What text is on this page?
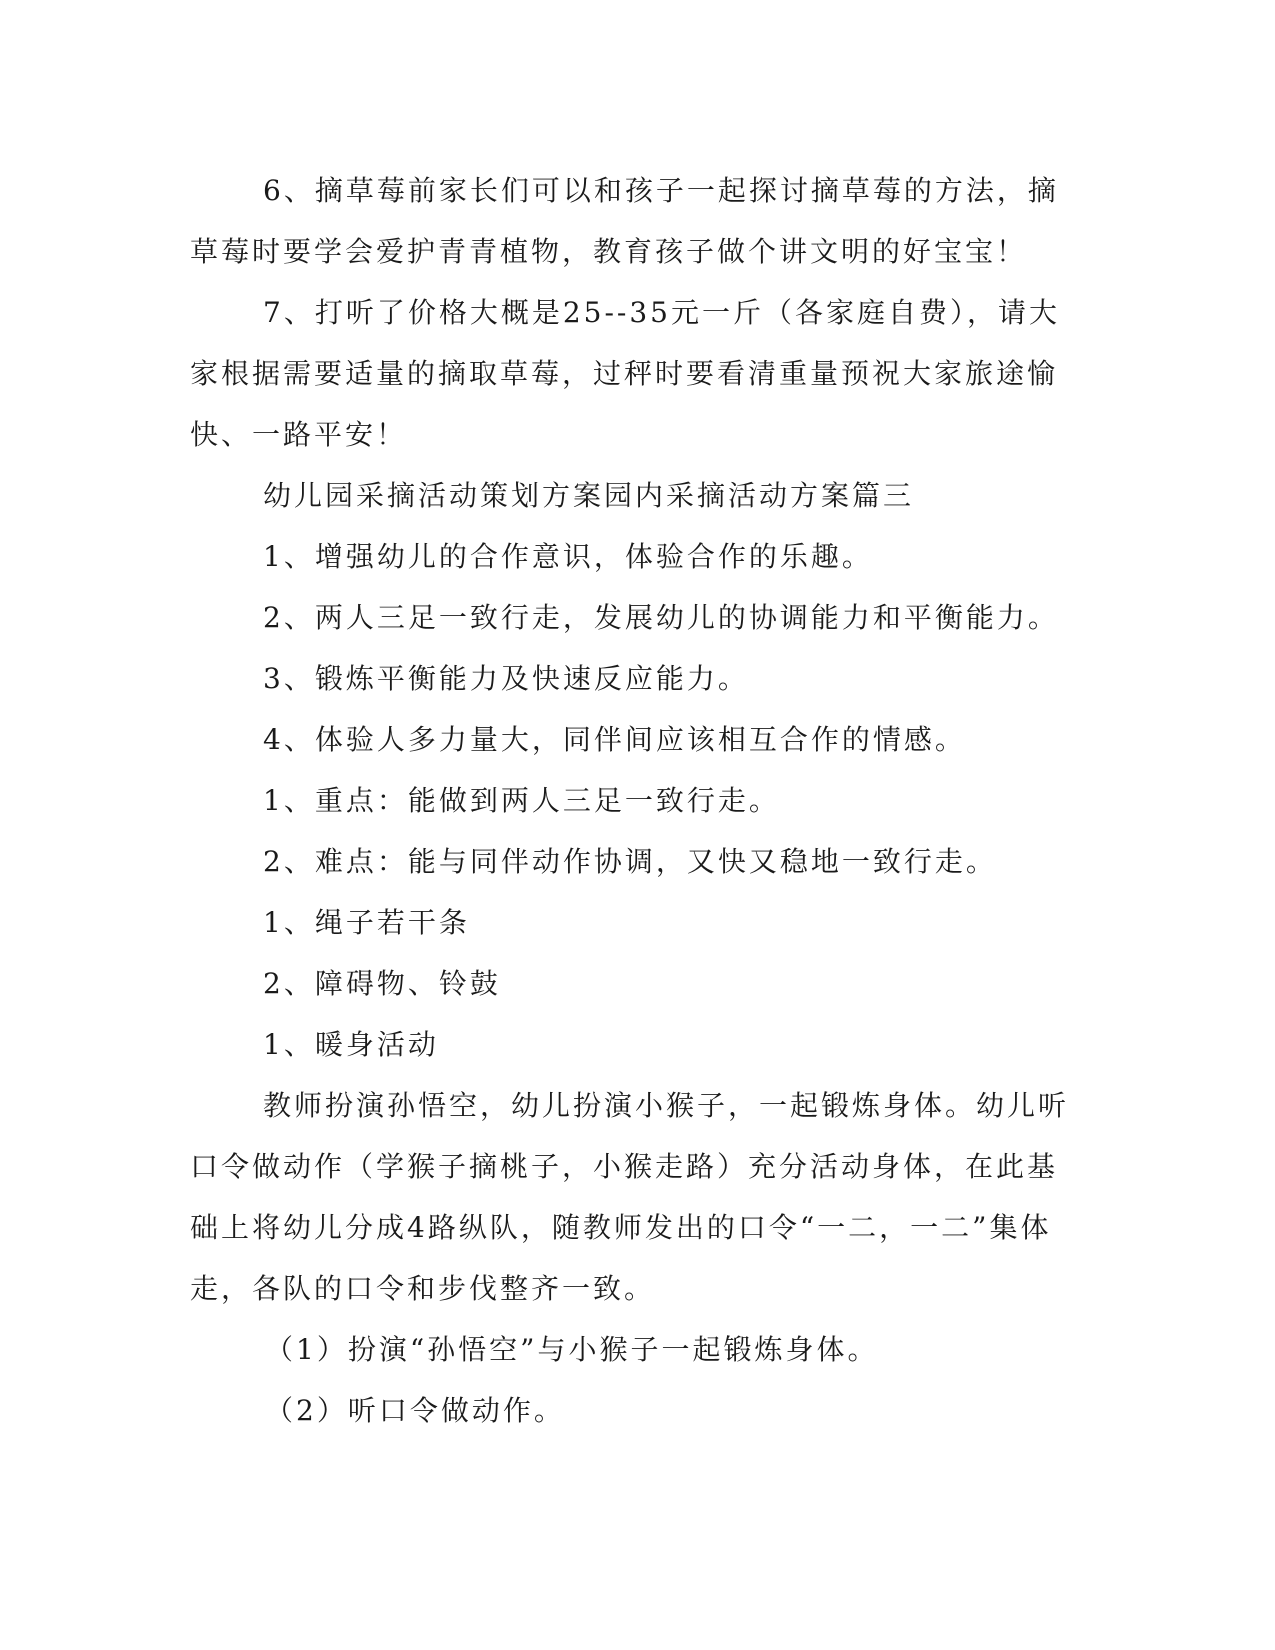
6、摘草莓前家长们可以和孩子一起探讨摘草莓的方法，摘草莓时要学会爱护青青植物，教育孩子做个讲文明的好宝宝！

7、打听了价格大概是25--35元一斤（各家庭自费），请大家根据需要适量的摘取草莓，过秤时要看清重量预祝大家旅途愉快、一路平安！

幼儿园采摘活动策划方案园内采摘活动方案篇三

1、增强幼儿的合作意识，体验合作的乐趣。

2、两人三足一致行走，发展幼儿的协调能力和平衡能力。

3、锻炼平衡能力及快速反应能力。

4、体验人多力量大，同伴间应该相互合作的情感。

1、重点：能做到两人三足一致行走。

2、难点：能与同伴动作协调，又快又稳地一致行走。

1、绳子若干条

2、障碍物、铃鼓

1、暖身活动

教师扮演孙悟空，幼儿扮演小猴子，一起锻炼身体。幼儿听口令做动作（学猴子摘桃子，小猴走路）充分活动身体，在此基础上将幼儿分成4路纵队，随教师发出的口令“一二，一二”集体走，各队的口令和步伐整齐一致。

（1）扮演“孙悟空”与小猴子一起锻炼身体。

（2）听口令做动作。
